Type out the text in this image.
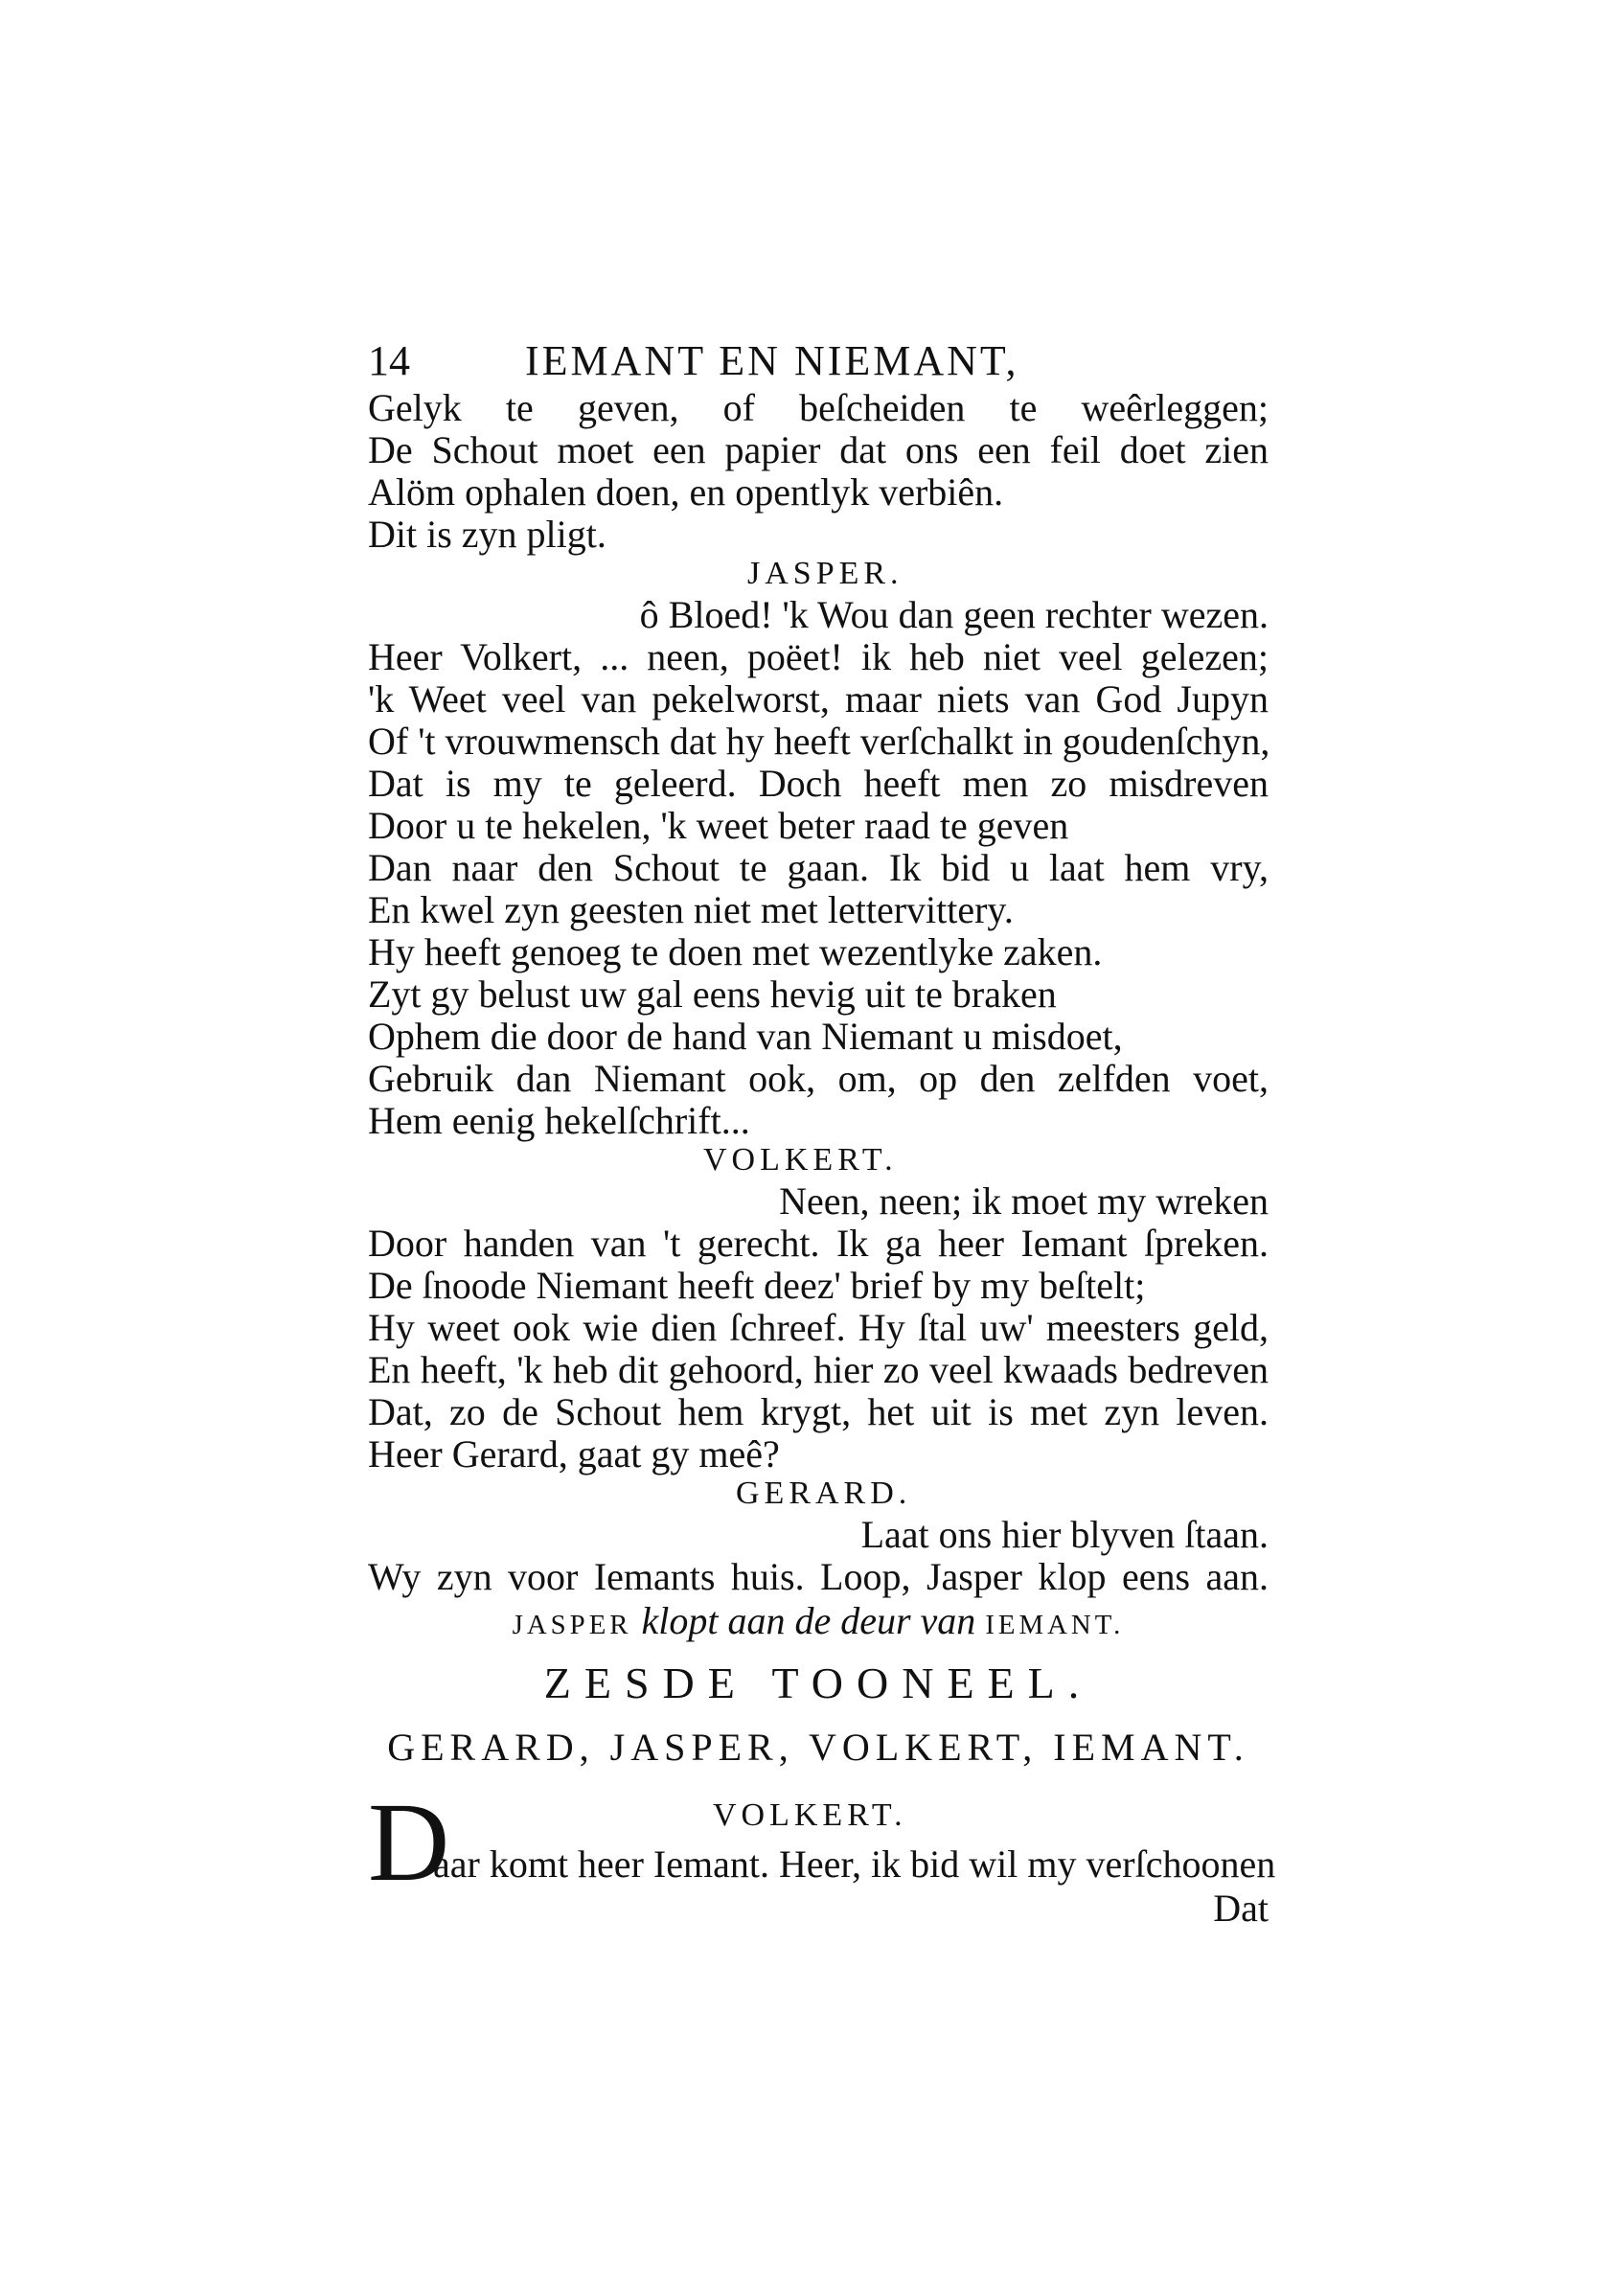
14	IEMANT EN NIEMANT,
Gelyk te geven, of beſcheiden te weêrleggen;
De Schout moet een papier dat ons een feil doet zien
Alöm ophalen doen, en opentlyk verbiên.
Dit is zyn pligt.
JASPER.
ô Bloed! 'k Wou dan geen rechter wezen.
Heer Volkert, ... neen, poëet! ik heb niet veel gelezen;
'k Weet veel van pekelworst, maar niets van God Jupyn
Of 't vrouwmensch dat hy heeft verſchalkt in goudenſchyn,
Dat is my te geleerd. Doch heeft men zo misdreven
Door u te hekelen, 'k weet beter raad te geven
Dan naar den Schout te gaan. Ik bid u laat hem vry,
En kwel zyn geesten niet met lettervittery.
Hy heeft genoeg te doen met wezentlyke zaken.
Zyt gy belust uw gal eens hevig uit te braken
Ophem die door de hand van Niemant u misdoet,
Gebruik dan Niemant ook, om, op den zelfden voet,
Hem eenig hekelſchrift...
VOLKERT.
Neen, neen; ik moet my wreken
Door handen van 't gerecht. Ik ga heer Iemant ſpreken.
De ſnoode Niemant heeft deez' brief by my beſtelt;
Hy weet ook wie dien ſchreef. Hy ſtal uw' meesters geld,
En heeft, 'k heb dit gehoord, hier zo veel kwaads bedreven
Dat, zo de Schout hem krygt, het uit is met zyn leven.
Heer Gerard, gaat gy meê?
GERARD.
Laat ons hier blyven ſtaan.
Wy zyn voor Iemants huis. Loop, Jasper klop eens aan.
JASPER klopt aan de deur van IEMANT.
ZESDE TOONEEL.
GERARD, JASPER, VOLKERT, IEMANT.
VOLKERT.
D
aar komt heer Iemant. Heer, ik bid wil my verſchoonen
Dat
